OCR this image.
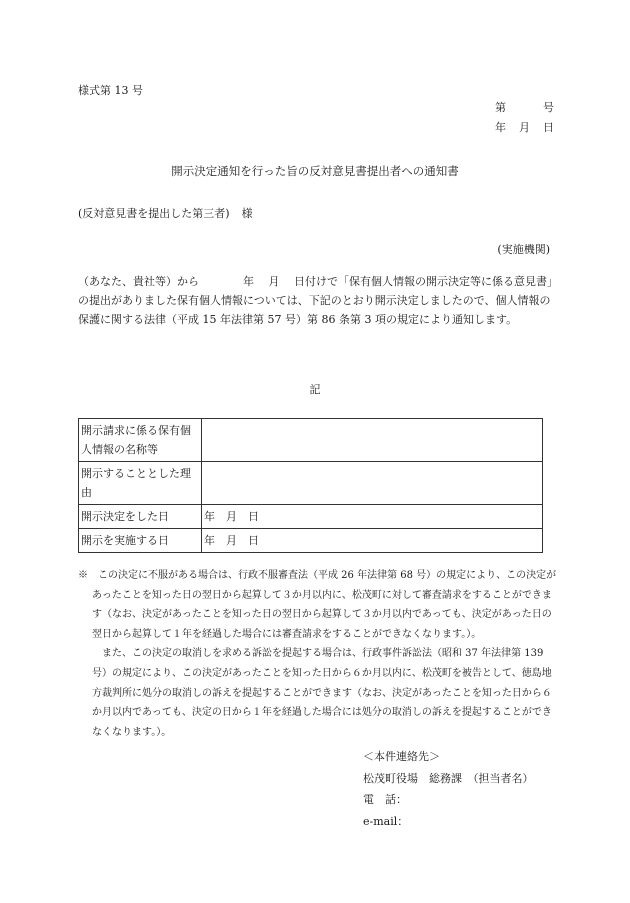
様式第 13 号
第	号
年 月 日
開示決定通知を行った旨の反対意見書提出者への通知書
(反対意見書を提出した第三者) 様
(実施機関)

（あなた、貴社等）から　　　　年　 月　 日付けで「保有個人情報の開示決定等に係る意見書」の提出がありました保有個人情報については、下記のとおり開示決定しましたので、個人情報の保護に関する法律（平成 15 年法律第 57 号）第 86 条第 3 項の規定により通知します。

記
開示請求に係る保有個人情報の名称等	
開示することとした理由	
開示決定をした日	年　月　日
開示を実施する日	年　月　日

※　この決定に不服がある場合は、行政不服審査法（平成 26 年法律第 68 号）の規定により、この決定があったことを知った日の翌日から起算して３か月以内に、松茂町に対して審査請求をすることができます（なお、決定があったことを知った日の翌日から起算して３か月以内であっても、決定があった日の翌日から起算して１年を経過した場合には審査請求をすることができなくなります。）。

また、この決定の取消しを求める訴訟を提起する場合は、行政事件訴訟法（昭和 37 年法律第 139 号）の規定により、この決定があったことを知った日から６か月以内に、松茂町を被告として、徳島地方裁判所に処分の取消しの訴えを提起することができます（なお、決定があったことを知った日から６か月以内であっても、決定の日から１年を経過した場合には処分の取消しの訴えを提起することができなくなります。）。

＜本件連絡先＞
松茂町役場　総務課　（担当者名）
電　話：
e-mail：
